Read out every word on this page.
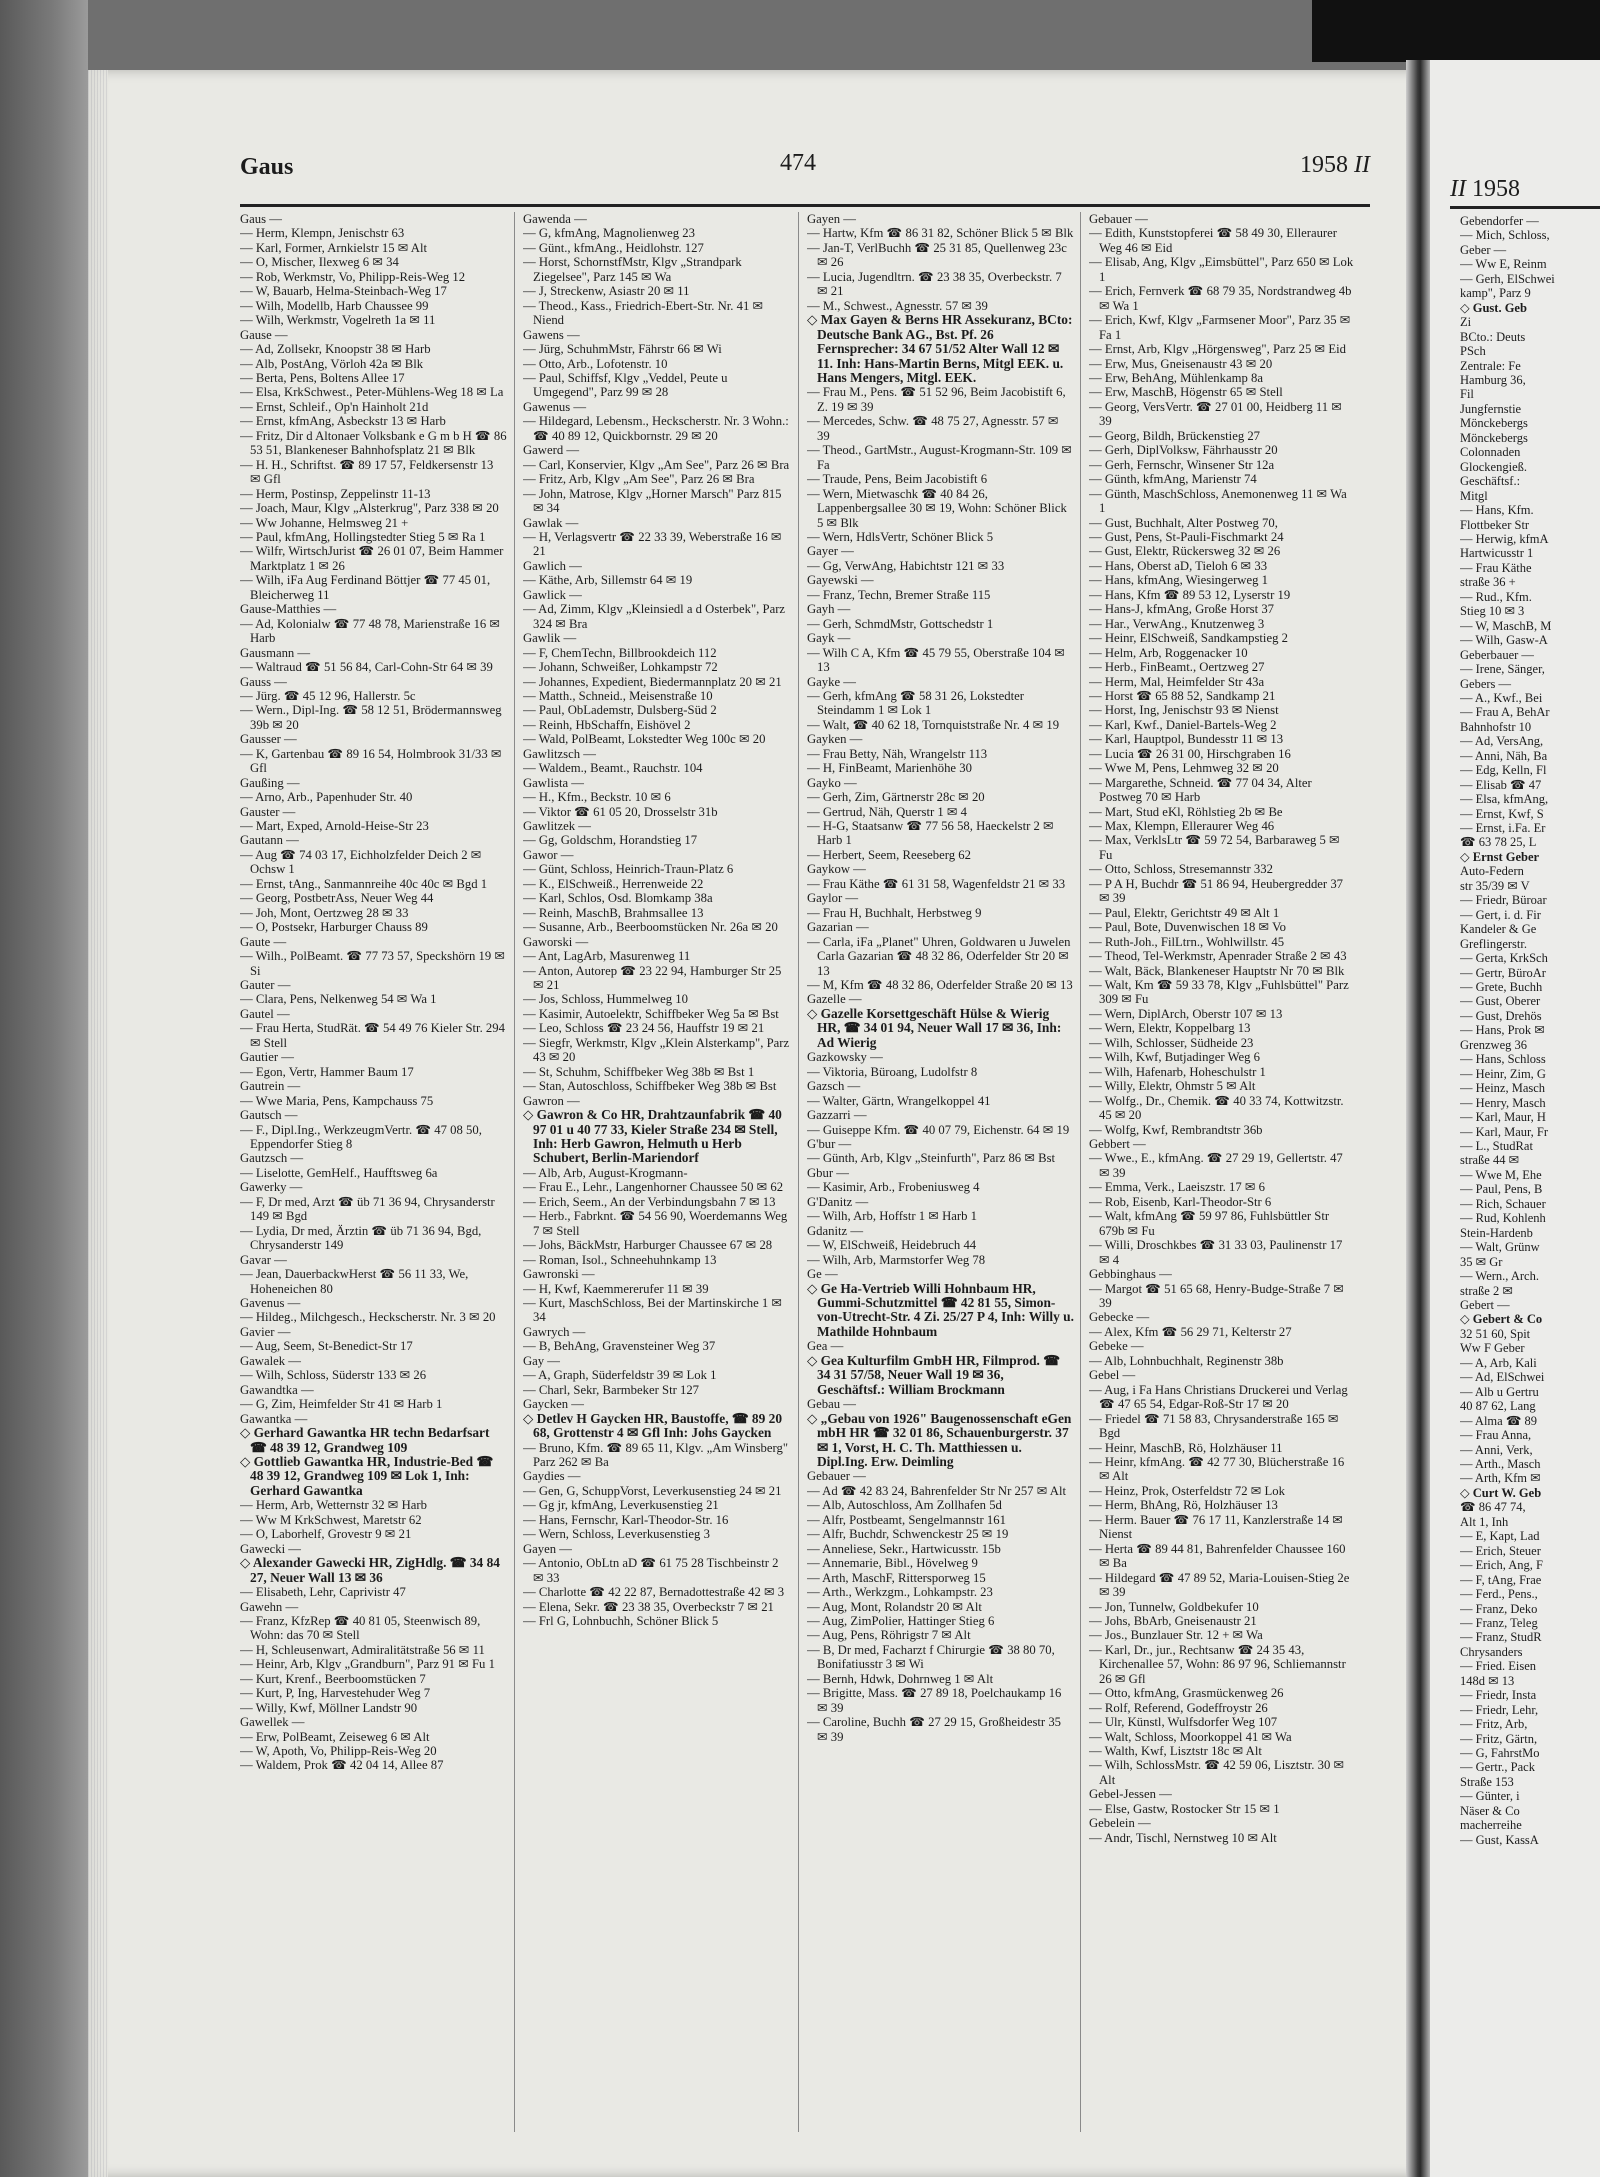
Gaus	474	1958 II

Gaus —

— Herm, Klempn, Jenischstr 63

— Karl, Former, Arnkielstr 15 ✉ Alt

— O, Mischer, Ilexweg 6 ✉ 34

— Rob, Werkmstr, Vo, Philipp-Reis-Weg 12

— W, Bauarb, Helma-Steinbach-Weg 17

— Wilh, Modellb, Harb Chaussee 99

— Wilh, Werkmstr, Vogelreth 1a ✉ 11

Gause —

— Ad, Zollsekr, Knoopstr 38 ✉ Harb

— Alb, PostAng, Vörloh 42a ✉ Blk

— Berta, Pens, Boltens Allee 17

— Elsa, KrkSchwest., Peter-Mühlens-Weg 18 ✉ La

— Ernst, Schleif., Op'n Hainholt 21d

— Ernst, kfmAng, Asbeckstr 13 ✉ Harb

— Fritz, Dir d Altonaer Volksbank e G m b H ☎ 86 53 51, Blankeneser Bahnhofsplatz 21 ✉ Blk

— H. H., Schriftst. ☎ 89 17 57, Feldkersenstr 13 ✉ Gfl

— Herm, Postinsp, Zeppelinstr 11-13

— Joach, Maur, Klgv „Alsterkrug", Parz 338 ✉ 20

— Ww Johanne, Helmsweg 21 +

— Paul, kfmAng, Hollingstedter Stieg 5 ✉ Ra 1

— Wilfr, WirtschJurist ☎ 26 01 07, Beim Hammer Marktplatz 1 ✉ 26

— Wilh, iFa Aug Ferdinand Böttjer ☎ 77 45 01, Bleicherweg 11

Gause-Matthies —

— Ad, Kolonialw ☎ 77 48 78, Marienstraße 16 ✉ Harb

Gausmann —

— Waltraud ☎ 51 56 84, Carl-Cohn-Str 64 ✉ 39

Gauss —

— Jürg. ☎ 45 12 96, Hallerstr. 5c

— Wern., Dipl-Ing. ☎ 58 12 51, Brödermannsweg 39b ✉ 20

Gausser —

— K, Gartenbau ☎ 89 16 54, Holmbrook 31/33 ✉ Gfl

Gaußing —

— Arno, Arb., Papenhuder Str. 40

Gauster —

— Mart, Exped, Arnold-Heise-Str 23

Gautann —

— Aug ☎ 74 03 17, Eichholzfelder Deich 2 ✉ Ochsw 1

— Ernst, tAng., Sanmannreihe 40c 40c ✉ Bgd 1

— Georg, PostbetrAss, Neuer Weg 44

— Joh, Mont, Oertzweg 28 ✉ 33

— O, Postsekr, Harburger Chauss 89

Gaute —

— Wilh., PolBeamt. ☎ 77 73 57, Speckshörn 19 ✉ Si

Gauter —

— Clara, Pens, Nelkenweg 54 ✉ Wa 1

Gautel —

— Frau Herta, StudRät. ☎ 54 49 76 Kieler Str. 294 ✉ Stell

Gautier —

— Egon, Vertr, Hammer Baum 17

Gautrein —

— Wwe Maria, Pens, Kampchauss 75

Gautsch —

— F., Dipl.Ing., WerkzeugmVertr. ☎ 47 08 50, Eppendorfer Stieg 8

Gautzsch —

— Liselotte, GemHelf., Haufftsweg 6a

Gawerky —

— F, Dr med, Arzt ☎ üb 71 36 94, Chrysanderstr 149 ✉ Bgd

— Lydia, Dr med, Ärztin ☎ üb 71 36 94, Bgd, Chrysanderstr 149

Gavar —

— Jean, DauerbackwHerst ☎ 56 11 33, We, Hoheneichen 80

Gavenus —

— Hildeg., Milchgesch., Heckscherstr. Nr. 3 ✉ 20

Gavier —

— Aug, Seem, St-Benedict-Str 17

Gawalek —

— Wilh, Schloss, Süderstr 133 ✉ 26

Gawandtka —

— G, Zim, Heimfelder Str 41 ✉ Harb 1

Gawantka —

◇ Gerhard Gawantka HR techn Bedarfsart ☎ 48 39 12, Grandweg 109

◇ Gottlieb Gawantka HR, Industrie-Bed ☎ 48 39 12, Grandweg 109 ✉ Lok 1, Inh: Gerhard Gawantka

— Herm, Arb, Wetternstr 32 ✉ Harb

— Ww M KrkSchwest, Maretstr 62

— O, Laborhelf, Grovestr 9 ✉ 21

Gawecki —

◇ Alexander Gawecki HR, ZigHdlg. ☎ 34 84 27, Neuer Wall 13 ✉ 36

— Elisabeth, Lehr, Caprivistr 47

Gawehn —

— Franz, KfzRep ☎ 40 81 05, Steenwisch 89, Wohn: das 70 ✉ Stell

— H, Schleusenwart, Admiralitätstraße 56 ✉ 11

— Heinr, Arb, Klgv „Grandburn", Parz 91 ✉ Fu 1

— Kurt, Krenf., Beerboomstücken 7

— Kurt, P, Ing, Harvestehuder Weg 7

— Willy, Kwf, Möllner Landstr 90

Gawellek —

— Erw, PolBeamt, Zeiseweg 6 ✉ Alt

— W, Apoth, Vo, Philipp-Reis-Weg 20

— Waldem, Prok ☎ 42 04 14, Allee 87

Gawenda —

— G, kfmAng, Magnolienweg 23

— Günt., kfmAng., Heidlohstr. 127

— Horst, SchornstfMstr, Klgv „Strandpark Ziegelsee", Parz 145 ✉ Wa

— J, Streckenw, Asiastr 20 ✉ 11

— Theod., Kass., Friedrich-Ebert-Str. Nr. 41 ✉ Niend

Gawens —

— Jürg, SchuhmMstr, Fährstr 66 ✉ Wi

— Otto, Arb., Lofotenstr. 10

— Paul, Schiffsf, Klgv „Veddel, Peute u Umgegend", Parz 99 ✉ 28

Gawenus —

— Hildegard, Lebensm., Heckscherstr. Nr. 3 Wohn.: ☎ 40 89 12, Quickbornstr. 29 ✉ 20

Gawerd —

— Carl, Konservier, Klgv „Am See", Parz 26 ✉ Bra

— Fritz, Arb, Klgv „Am See", Parz 26 ✉ Bra

— John, Matrose, Klgv „Horner Marsch" Parz 815 ✉ 34

Gawlak —

— H, Verlagsvertr ☎ 22 33 39, Weberstraße 16 ✉ 21

Gawlich —

— Käthe, Arb, Sillemstr 64 ✉ 19

Gawlick —

— Ad, Zimm, Klgv „Kleinsiedl a d Osterbek", Parz 324 ✉ Bra

Gawlik —

— F, ChemTechn, Billbrookdeich 112

— Johann, Schweißer, Lohkampstr 72

— Johannes, Expedient, Biedermannplatz 20 ✉ 21

— Matth., Schneid., Meisenstraße 10

— Paul, ObLademstr, Dulsberg-Süd 2

— Reinh, HbSchaffn, Eishövel 2

— Wald, PolBeamt, Lokstedter Weg 100c ✉ 20

Gawlitzsch —

— Waldem., Beamt., Rauchstr. 104

Gawlista —

— H., Kfm., Beckstr. 10 ✉ 6

— Viktor ☎ 61 05 20, Drosselstr 31b

Gawlitzek —

— Gg, Goldschm, Horandstieg 17

Gawor —

— Günt, Schloss, Heinrich-Traun-Platz 6

— K., ElSchweiß., Herrenweide 22

— Karl, Schlos, Osd. Blomkamp 38a

— Reinh, MaschB, Brahmsallee 13

— Susanne, Arb., Beerboomstücken Nr. 26a ✉ 20

Gaworski —

— Ant, LagArb, Masurenweg 11

— Anton, Autorep ☎ 23 22 94, Hamburger Str 25 ✉ 21

— Jos, Schloss, Hummelweg 10

— Kasimir, Autoelektr, Schiffbeker Weg 5a ✉ Bst

— Leo, Schloss ☎ 23 24 56, Hauffstr 19 ✉ 21

— Siegfr, Werkmstr, Klgv „Klein Alsterkamp", Parz 43 ✉ 20

— St, Schuhm, Schiffbeker Weg 38b ✉ Bst 1

— Stan, Autoschloss, Schiffbeker Weg 38b ✉ Bst

Gawron —

◇ Gawron & Co HR, Drahtzaunfabrik ☎ 40 97 01 u 40 77 33, Kieler Straße 234 ✉ Stell, Inh: Herb Gawron, Helmuth u Herb Schubert, Berlin-Mariendorf

— Alb, Arb, August-Krogmann-

— Frau E., Lehr., Langenhorner Chaussee 50 ✉ 62

— Erich, Seem., An der Verbindungsbahn 7 ✉ 13

— Herb., Fabrknt. ☎ 54 56 90, Woerdemanns Weg 7 ✉ Stell

— Johs, BäckMstr, Harburger Chaussee 67 ✉ 28

— Roman, Isol., Schneehuhnkamp 13

Gawronski —

— H, Kwf, Kaemmererufer 11 ✉ 39

— Kurt, MaschSchloss, Bei der Martinskirche 1 ✉ 34

Gawrych —

— B, BehAng, Gravensteiner Weg 37

Gay —

— A, Graph, Süderfeldstr 39 ✉ Lok 1

— Charl, Sekr, Barmbeker Str 127

Gaycken —

◇ Detlev H Gaycken HR, Baustoffe, ☎ 89 20 68, Grottenstr 4 ✉ Gfl Inh: Johs Gaycken

— Bruno, Kfm. ☎ 89 65 11, Klgv. „Am Winsberg" Parz 262 ✉ Ba

Gaydies —

— Gen, G, SchuppVorst, Leverkusenstieg 24 ✉ 21

— Gg jr, kfmAng, Leverkusenstieg 21

— Hans, Fernschr, Karl-Theodor-Str. 16

— Wern, Schloss, Leverkusenstieg 3

Gayen —

— Antonio, ObLtn aD ☎ 61 75 28 Tischbeinstr 2 ✉ 33

— Charlotte ☎ 42 22 87, Bernadottestraße 42 ✉ 3

— Elena, Sekr. ☎ 23 38 35, Overbeckstr 7 ✉ 21

— Frl G, Lohnbuchh, Schöner Blick 5

Gayen —

— Hartw, Kfm ☎ 86 31 82, Schöner Blick 5 ✉ Blk

— Jan-T, VerlBuchh ☎ 25 31 85, Quellenweg 23c ✉ 26

— Lucia, Jugendltrn. ☎ 23 38 35, Overbeckstr. 7 ✉ 21

— M., Schwest., Agnesstr. 57 ✉ 39

◇ Max Gayen & Berns HR Assekuranz, BCto: Deutsche Bank AG., Bst. Pf. 26 Fernsprecher: 34 67 51/52 Alter Wall 12 ✉ 11. Inh: Hans-Martin Berns, Mitgl EEK. u. Hans Mengers, Mitgl. EEK.

— Frau M., Pens. ☎ 51 52 96, Beim Jacobistift 6, Z. 19 ✉ 39

— Mercedes, Schw. ☎ 48 75 27, Agnesstr. 57 ✉ 39

— Theod., GartMstr., August-Krogmann-Str. 109 ✉ Fa

— Traude, Pens, Beim Jacobistift 6

— Wern, Mietwaschk ☎ 40 84 26, Lappenbergsallee 30 ✉ 19, Wohn: Schöner Blick 5 ✉ Blk

— Wern, HdlsVertr, Schöner Blick 5

Gayer —

— Gg, VerwAng, Habichtstr 121 ✉ 33

Gayewski —

— Franz, Techn, Bremer Straße 115

Gayh —

— Gerh, SchmdMstr, Gottschedstr 1

Gayk —

— Wilh C A, Kfm ☎ 45 79 55, Oberstraße 104 ✉ 13

Gayke —

— Gerh, kfmAng ☎ 58 31 26, Lokstedter Steindamm 1 ✉ Lok 1

— Walt, ☎ 40 62 18, Tornquiststraße Nr. 4 ✉ 19

Gayken —

— Frau Betty, Näh, Wrangelstr 113

— H, FinBeamt, Marienhöhe 30

Gayko —

— Gerh, Zim, Gärtnerstr 28c ✉ 20

— Gertrud, Näh, Querstr 1 ✉ 4

— H-G, Staatsanw ☎ 77 56 58, Haeckelstr 2 ✉ Harb 1

— Herbert, Seem, Reeseberg 62

Gaykow —

— Frau Käthe ☎ 61 31 58, Wagenfeldstr 21 ✉ 33

Gaylor —

— Frau H, Buchhalt, Herbstweg 9

Gazarian —

— Carla, iFa „Planet" Uhren, Goldwaren u Juwelen Carla Gazarian ☎ 48 32 86, Oderfelder Str 20 ✉ 13

— M, Kfm ☎ 48 32 86, Oderfelder Straße 20 ✉ 13

Gazelle —

◇ Gazelle Korsettgeschäft Hülse & Wierig HR, ☎ 34 01 94, Neuer Wall 17 ✉ 36, Inh: Ad Wierig

Gazkowsky —

— Viktoria, Büroang, Ludolfstr 8

Gazsch —

— Walter, Gärtn, Wrangelkoppel 41

Gazzarri —

— Guiseppe Kfm. ☎ 40 07 79, Eichenstr. 64 ✉ 19

G'bur —

— Günth, Arb, Klgv „Steinfurth", Parz 86 ✉ Bst

Gbur —

— Kasimir, Arb., Frobeniusweg 4

G'Danitz —

— Wilh, Arb, Hoffstr 1 ✉ Harb 1

Gdanitz —

— W, ElSchweiß, Heidebruch 44

— Wilh, Arb, Marmstorfer Weg 78

Ge —

◇ Ge Ha-Vertrieb Willi Hohnbaum HR, Gummi-Schutzmittel ☎ 42 81 55, Simon-von-Utrecht-Str. 4 Zi. 25/27 P 4, Inh: Willy u. Mathilde Hohnbaum

Gea —

◇ Gea Kulturfilm GmbH HR, Filmprod. ☎ 34 31 57/58, Neuer Wall 19 ✉ 36, Geschäftsf.: William Brockmann

Gebau —

◇ „Gebau von 1926" Baugenossenschaft eGen mbH HR ☎ 32 01 86, Schauenburgerstr. 37 ✉ 1, Vorst, H. C. Th. Matthiessen u. Dipl.Ing. Erw. Deimling

Gebauer —

— Ad ☎ 42 83 24, Bahrenfelder Str Nr 257 ✉ Alt

— Alb, Autoschloss, Am Zollhafen 5d

— Alfr, Postbeamt, Sengelmannstr 161

— Alfr, Buchdr, Schwenckestr 25 ✉ 19

— Anneliese, Sekr., Hartwicusstr. 15b

— Annemarie, Bibl., Hövelweg 9

— Arth, MaschF, Rittersporweg 15

— Arth., Werkzgm., Lohkampstr. 23

— Aug, Mont, Rolandstr 20 ✉ Alt

— Aug, ZimPolier, Hattinger Stieg 6

— Aug, Pens, Röhrigstr 7 ✉ Alt

— B, Dr med, Facharzt f Chirurgie ☎ 38 80 70, Bonifatiusstr 3 ✉ Wi

— Bernh, Hdwk, Dohrnweg 1 ✉ Alt

— Brigitte, Mass. ☎ 27 89 18, Poelchaukamp 16 ✉ 39

— Caroline, Buchh ☎ 27 29 15, Großheidestr 35 ✉ 39

Gebauer —

— Edith, Kunststopferei ☎ 58 49 30, Elleraurer Weg 46 ✉ Eid

— Elisab, Ang, Klgv „Eimsbüttel", Parz 650 ✉ Lok 1

— Erich, Fernverk ☎ 68 79 35, Nordstrandweg 4b ✉ Wa 1

— Erich, Kwf, Klgv „Farmsener Moor", Parz 35 ✉ Fa 1

— Ernst, Arb, Klgv „Hörgensweg", Parz 25 ✉ Eid

— Erw, Mus, Gneisenaustr 43 ✉ 20

— Erw, BehAng, Mühlenkamp 8a

— Erw, MaschB, Högenstr 65 ✉ Stell

— Georg, VersVertr. ☎ 27 01 00, Heidberg 11 ✉ 39

— Georg, Bildh, Brückenstieg 27

— Gerh, DiplVolksw, Fährhausstr 20

— Gerh, Fernschr, Winsener Str 12a

— Günth, kfmAng, Marienstr 74

— Günth, MaschSchloss, Anemonenweg 11 ✉ Wa 1

— Gust, Buchhalt, Alter Postweg 70,

— Gust, Pens, St-Pauli-Fischmarkt 24

— Gust, Elektr, Rückersweg 32 ✉ 26

— Hans, Oberst aD, Tieloh 6 ✉ 33

— Hans, kfmAng, Wiesingerweg 1

— Hans, Kfm ☎ 89 53 12, Lyserstr 19

— Hans-J, kfmAng, Große Horst 37

— Har., VerwAng., Knutzenweg 3

— Heinr, ElSchweiß, Sandkampstieg 2

— Helm, Arb, Roggenacker 10

— Herb., FinBeamt., Oertzweg 27

— Herm, Mal, Heimfelder Str 43a

— Horst ☎ 65 88 52, Sandkamp 21

— Horst, Ing, Jenischstr 93 ✉ Nienst

— Karl, Kwf., Daniel-Bartels-Weg 2

— Karl, Hauptpol, Bundesstr 11 ✉ 13

— Lucia ☎ 26 31 00, Hirschgraben 16

— Wwe M, Pens, Lehmweg 32 ✉ 20

— Margarethe, Schneid. ☎ 77 04 34, Alter Postweg 70 ✉ Harb

— Mart, Stud eKl, Röhlstieg 2b ✉ Be

— Max, Klempn, Elleraurer Weg 46

— Max, VerklsLtr ☎ 59 72 54, Barbaraweg 5 ✉ Fu

— Otto, Schloss, Stresemannstr 332

— P A H, Buchdr ☎ 51 86 94, Heubergredder 37 ✉ 39

— Paul, Elektr, Gerichtstr 49 ✉ Alt 1

— Paul, Bote, Duvenwischen 18 ✉ Vo

— Ruth-Joh., FilLtrn., Wohlwillstr. 45

— Theod, Tel-Werkmstr, Apenrader Straße 2 ✉ 43

— Walt, Bäck, Blankeneser Hauptstr Nr 70 ✉ Blk

— Walt, Km ☎ 59 33 78, Klgv „Fuhlsbüttel" Parz 309 ✉ Fu

— Wern, DiplArch, Oberstr 107 ✉ 13

— Wern, Elektr, Koppelbarg 13

— Wilh, Schlosser, Südheide 23

— Wilh, Kwf, Butjadinger Weg 6

— Wilh, Hafenarb, Hoheschulstr 1

— Willy, Elektr, Ohmstr 5 ✉ Alt

— Wolfg., Dr., Chemik. ☎ 40 33 74, Kottwitzstr. 45 ✉ 20

— Wolfg, Kwf, Rembrandtstr 36b

Gebbert —

— Wwe., E., kfmAng. ☎ 27 29 19, Gellertstr. 47 ✉ 39

— Emma, Verk., Laeiszstr. 17 ✉ 6

— Rob, Eisenb, Karl-Theodor-Str 6

— Walt, kfmAng ☎ 59 97 86, Fuhlsbüttler Str 679b ✉ Fu

— Willi, Droschkbes ☎ 31 33 03, Paulinenstr 17 ✉ 4

Gebbinghaus —

— Margot ☎ 51 65 68, Henry-Budge-Straße 7 ✉ 39

Gebecke —

— Alex, Kfm ☎ 56 29 71, Kelterstr 27

Gebeke —

— Alb, Lohnbuchhalt, Reginenstr 38b

Gebel —

— Aug, i Fa Hans Christians Druckerei und Verlag ☎ 47 65 54, Edgar-Roß-Str 17 ✉ 20

— Friedel ☎ 71 58 83, Chrysanderstraße 165 ✉ Bgd

— Heinr, MaschB, Rö, Holzhäuser 11

— Heinr, kfmAng. ☎ 42 77 30, Blücherstraße 16 ✉ Alt

— Heinz, Prok, Osterfeldstr 72 ✉ Lok

— Herm, BhAng, Rö, Holzhäuser 13

— Herm. Bauer ☎ 76 17 11, Kanzlerstraße 14 ✉ Nienst

— Herta ☎ 89 44 81, Bahrenfelder Chaussee 160 ✉ Ba

— Hildegard ☎ 47 89 52, Maria-Louisen-Stieg 2e ✉ 39

— Jon, Tunnelw, Goldbekufer 10

— Johs, BbArb, Gneisenaustr 21

— Jos., Bunzlauer Str. 12 + ✉ Wa

— Karl, Dr., jur., Rechtsanw ☎ 24 35 43, Kirchenallee 57, Wohn: 86 97 96, Schliemannstr 26 ✉ Gfl

— Otto, kfmAng, Grasmückenweg 26

— Rolf, Referend, Godeffroystr 26

— Ulr, Künstl, Wulfsdorfer Weg 107

— Walt, Schloss, Moorkoppel 41 ✉ Wa

— Walth, Kwf, Lisztstr 18c ✉ Alt

— Wilh, SchlossMstr. ☎ 42 59 06, Lisztstr. 30 ✉ Alt

Gebel-Jessen —

— Else, Gastw, Rostocker Str 15 ✉ 1

Gebelein —

— Andr, Tischl, Nernstweg 10 ✉ Alt

II 1958

Gebendorfer —

— Mich, Schloss,

Geber —

— Ww E, Reinm

— Gerh, ElSchwei

kamp", Parz 9

◇ Gust. Geb

Zi

BCto.: Deuts

PSch

Zentrale: Fe

Hamburg 36,

Fil

Jungfernstie

Mönckebergs

Mönckebergs

Colonnaden

Glockengieß.

Geschäftsf.:

Mitgl

— Hans, Kfm.

Flottbeker Str

— Herwig, kfmA

Hartwicusstr 1

— Frau Käthe

straße 36 +

— Rud., Kfm.

Stieg 10 ✉ 3

— W, MaschB, M

— Wilh, Gasw-A

Geberbauer —

— Irene, Sänger,

Gebers —

— A., Kwf., Bei

— Frau A, BehAr

Bahnhofstr 10

— Ad, VersAng,

— Anni, Näh, Ba

— Edg, Kelln, Fl

— Elisab ☎ 47

— Elsa, kfmAng,

— Ernst, Kwf, S

— Ernst, i.Fa. Er

☎ 63 78 25, L

◇ Ernst Geber

Auto-Federn

str 35/39 ✉ V

— Friedr, Büroar

— Gert, i. d. Fir

Kandeler & Ge

Greflingerstr.

— Gerta, KrkSch

— Gertr, BüroAr

— Grete, Buchh

— Gust, Oberer

— Gust, Drehös

— Hans, Prok ✉

Grenzweg 36

— Hans, Schloss

— Heinr, Zim, G

— Heinz, Masch

— Henry, Masch

— Karl, Maur, H

— Karl, Maur, Fr

— L., StudRat

straße 44 ✉

— Wwe M, Ehe

— Paul, Pens, B

— Rich, Schauer

— Rud, Kohlenh

Stein-Hardenb

— Walt, Grünw

35 ✉ Gr

— Wern., Arch.

straße 2 ✉

Gebert —

◇ Gebert & Co

32 51 60, Spit

Ww F Geber

— A, Arb, Kali

— Ad, ElSchwei

— Alb u Gertru

40 87 62, Lang

— Alma ☎ 89

— Frau Anna,

— Anni, Verk,

— Arth., Masch

— Arth, Kfm ✉

◇ Curt W. Geb

☎ 86 47 74,

Alt 1, Inh

— E, Kapt, Lad

— Erich, Steuer

— Erich, Ang, F

— F, tAng, Frae

— Ferd., Pens.,

— Franz, Deko

— Franz, Teleg

— Franz, StudR

Chrysanders

— Fried. Eisen

148d ✉ 13

— Friedr, Insta

— Friedr, Lehr,

— Fritz, Arb,

— Fritz, Gärtn,

— G, FahrstMo

— Gertr., Pack

Straße 153

— Günter, i

Näser & Co

macherreihe

— Gust, KassA
